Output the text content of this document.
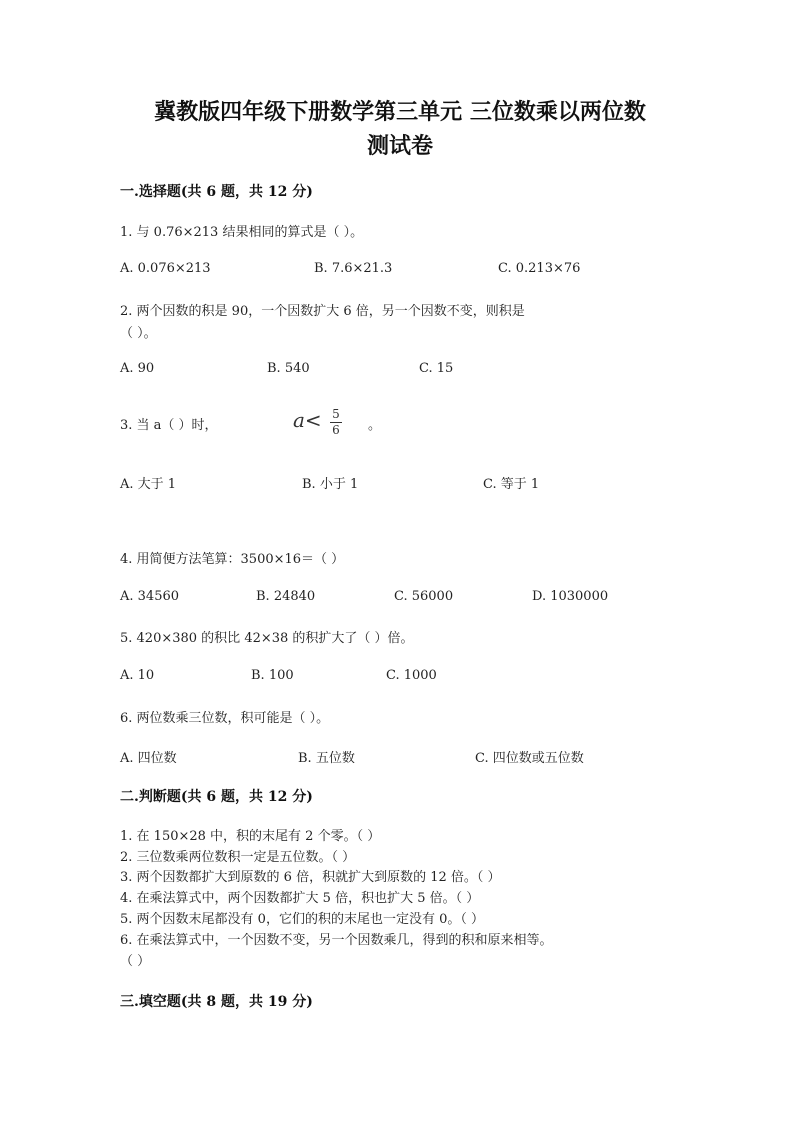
冀教版四年级下册数学第三单元 三位数乘以两位数
测试卷
一.选择题(共 6 题，共 12 分)
1. 与 0.76×213 结果相同的算式是（ ）。
A. 0.076×213	B. 7.6×21.3	C. 0.213×76
2. 两个因数的积是 90，一个因数扩大 6 倍，另一个因数不变，则积是
（ ）。
A. 90	B. 540	C. 15
3. 当 a（ ）时，	a< 5
6 。
A. 大于 1	B. 小于 1	C. 等于 1
4. 用简便方法笔算：3500×16＝（ ）
A. 34560	B. 24840	C. 56000	D. 1030000
5. 420×380 的积比 42×38 的积扩大了（ ）倍。
A. 10	B. 100	C. 1000
6. 两位数乘三位数，积可能是（ ）。
A. 四位数	B. 五位数	C. 四位数或五位数
二.判断题(共 6 题，共 12 分)
1. 在 150×28 中，积的末尾有 2 个零。（ ）
2. 三位数乘两位数积一定是五位数。（ ）
3. 两个因数都扩大到原数的 6 倍，积就扩大到原数的 12 倍。（ ）
4. 在乘法算式中，两个因数都扩大 5 倍，积也扩大 5 倍。（ ）
5. 两个因数末尾都没有 0，它们的积的末尾也一定没有 0。（ ）
6. 在乘法算式中，一个因数不变，另一个因数乘几，得到的积和原来相等。
（ ）
三.填空题(共 8 题，共 19 分)
